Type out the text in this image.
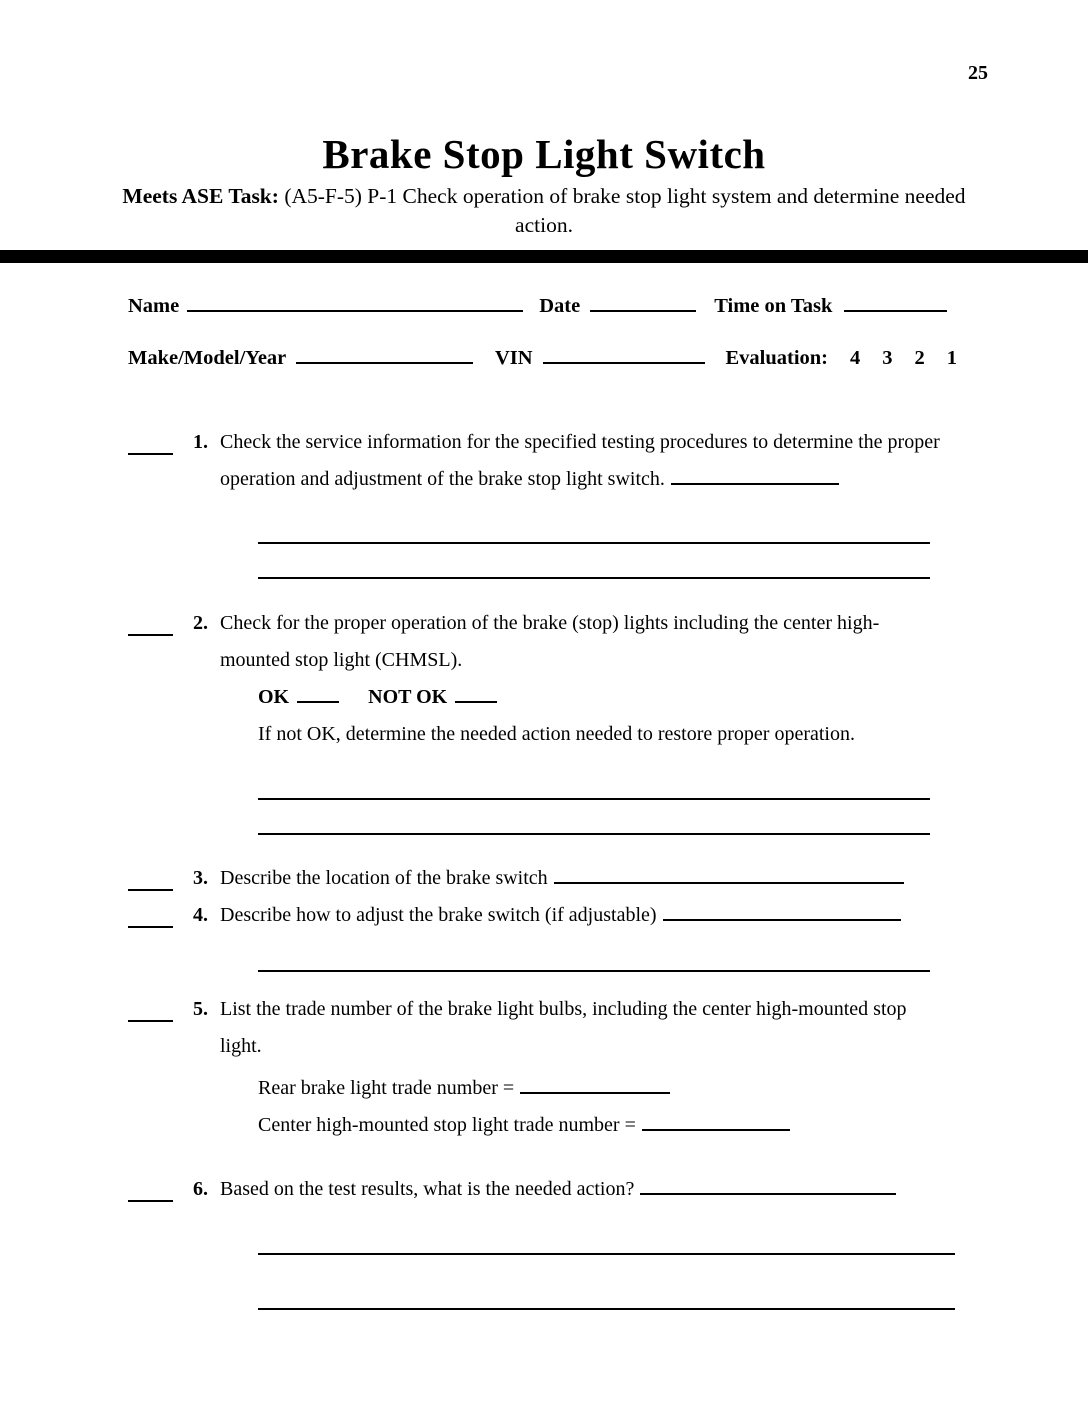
25
Brake Stop Light Switch
Meets ASE Task: (A5-F-5) P-1 Check operation of brake stop light system and determine needed action.
Name	Date	Time on Task
Make/Model/Year	VIN	Evaluation: 4 3 2 1
1. Check the service information for the specified testing procedures to determine the proper operation and adjustment of the brake stop light switch.
2. Check for the proper operation of the brake (stop) lights including the center high-mounted stop light (CHMSL).
OK	NOT OK
If not OK, determine the needed action needed to restore proper operation.
3. Describe the location of the brake switch
4. Describe how to adjust the brake switch (if adjustable)
5. List the trade number of the brake light bulbs, including the center high-mounted stop light.
Rear brake light trade number =
Center high-mounted stop light trade number =
6. Based on the test results, what is the needed action?
